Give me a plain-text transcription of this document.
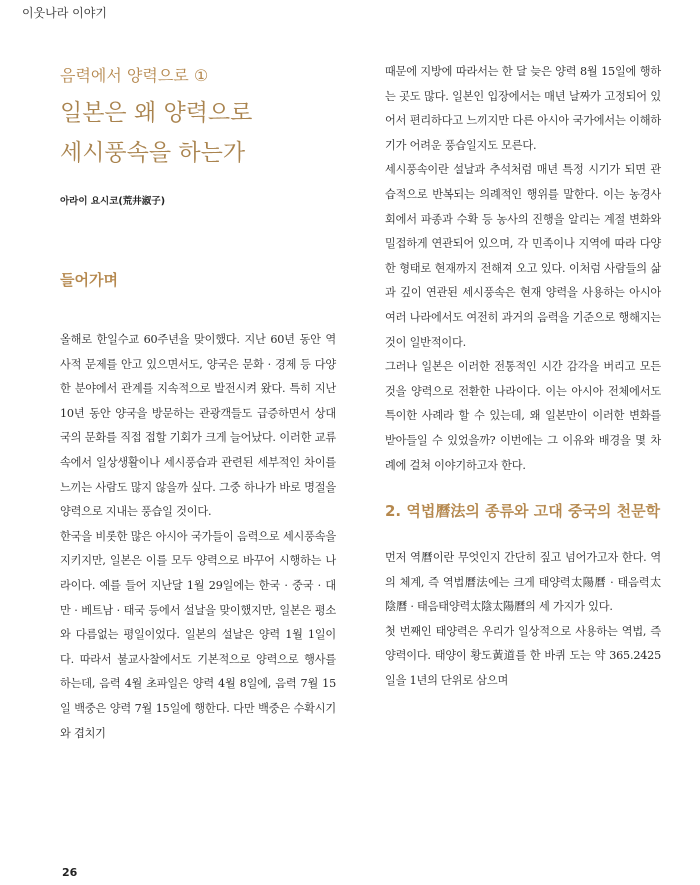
이웃나라 이야기

음력에서 양력으로 ①

일본은 왜 양력으로
세시풍속을 하는가

아라이 요시코(荒井淑子)

들어가며

올해로 한일수교 60주년을 맞이했다. 지난 60년 동안 역사적 문제를 안고 있으면서도, 양국은 문화 · 경제 등 다양한 분야에서 관계를 지속적으로 발전시켜 왔다. 특히 지난 10년 동안 양국을 방문하는 관광객들도 급증하면서 상대국의 문화를 직접 접할 기회가 크게 늘어났다. 이러한 교류 속에서 일상생활이나 세시풍습과 관련된 세부적인 차이를 느끼는 사람도 많지 않을까 싶다. 그중 하나가 바로 명절을 양력으로 지내는 풍습일 것이다.

한국을 비롯한 많은 아시아 국가들이 음력으로 세시풍속을 지키지만, 일본은 이를 모두 양력으로 바꾸어 시행하는 나라이다. 예를 들어 지난달 1월 29일에는 한국 · 중국 · 대만 · 베트남 · 태국 등에서 설날을 맞이했지만, 일본은 평소와 다름없는 평일이었다. 일본의 설날은 양력 1월 1일이다. 따라서 불교사찰에서도 기본적으로 양력으로 행사를 하는데, 음력 4월 초파일은 양력 4월 8일에, 음력 7월 15일 백중은 양력 7월 15일에 행한다. 다만 백중은 수확시기와 겹치기

때문에 지방에 따라서는 한 달 늦은 양력 8월 15일에 행하는 곳도 많다. 일본인 입장에서는 매년 날짜가 고정되어 있어서 편리하다고 느끼지만 다른 아시아 국가에서는 이해하기가 어려운 풍습일지도 모른다.

세시풍속이란 설날과 추석처럼 매년 특정 시기가 되면 관습적으로 반복되는 의례적인 행위를 말한다. 이는 농경사회에서 파종과 수확 등 농사의 진행을 알리는 계절 변화와 밀접하게 연관되어 있으며, 각 민족이나 지역에 따라 다양한 형태로 현재까지 전해져 오고 있다. 이처럼 사람들의 삶과 깊이 연관된 세시풍속은 현재 양력을 사용하는 아시아 여러 나라에서도 여전히 과거의 음력을 기준으로 행해지는 것이 일반적이다.

그러나 일본은 이러한 전통적인 시간 감각을 버리고 모든 것을 양력으로 전환한 나라이다. 이는 아시아 전체에서도 특이한 사례라 할 수 있는데, 왜 일본만이 이러한 변화를 받아들일 수 있었을까? 이번에는 그 이유와 배경을 몇 차례에 걸쳐 이야기하고자 한다.

2. 역법曆法의 종류와 고대 중국의 천문학

먼저 역曆이란 무엇인지 간단히 짚고 넘어가고자 한다. 역의 체계, 즉 역법曆法에는 크게 태양력太陽曆 · 태음력太陰曆 · 태음태양력太陰太陽曆의 세 가지가 있다.

첫 번째인 태양력은 우리가 일상적으로 사용하는 역법, 즉 양력이다. 태양이 황도黃道를 한 바퀴 도는 약 365.2425일을 1년의 단위로 삼으며

26
